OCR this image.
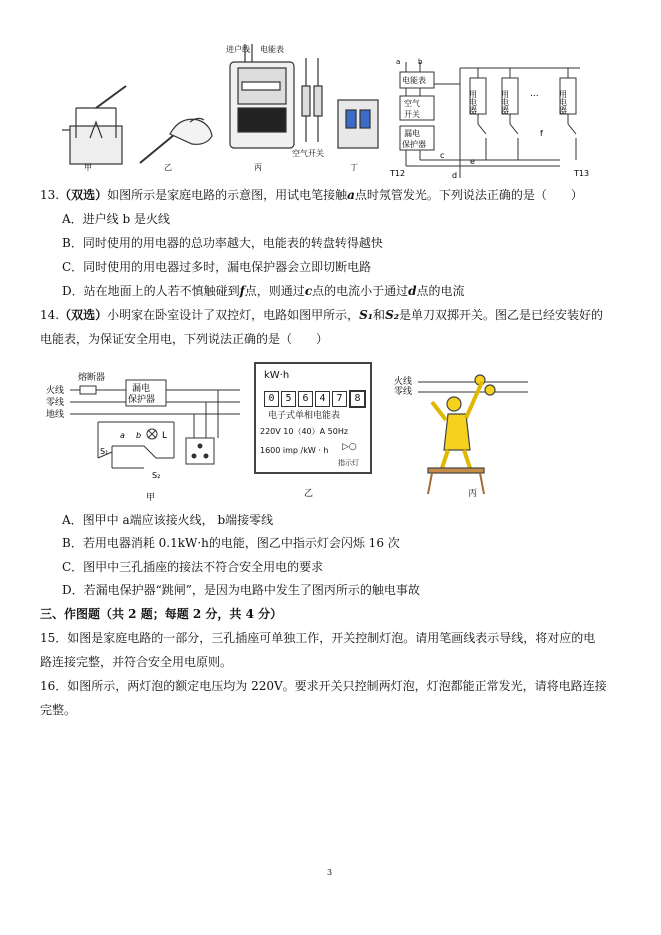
进户线 电能表
空气开关
a	b
电能表
空气
开关
漏电
保护器
用电器	用电器	用电器
...
c
d
e
f
甲	乙	丙	丁
T12	T13
13.（双选）如图所示是家庭电路的示意图，用试电笔接触a点时氖管发光。下列说法正确的是（　　）
A．进户线 b 是火线
B．同时使用的用电器的总功率越大，电能表的转盘转得越快
C．同时使用的用电器过多时，漏电保护器会立即切断电路
D．站在地面上的人若不慎触碰到f点，则通过c点的电流小于通过d点的电流
14.（双选）小明家在卧室设计了双控灯，电路如图甲所示，S₁和S₂是单刀双掷开关。图乙是已经安装好的
电能表，为保证安全用电，下列说法正确的是（　　）
火线
零线
地线
熔断器
漏电
保护器
a b L
S₁
S₂
甲
kW·h
0 5 6 4 7 8
电子式单相电能表
220V 10（40）A 50Hz
1600 imp /kW · h ▷○
指示灯
乙
火线
零线
丙
A．图甲中 a端应该接火线， b端接零线
B．若用电器消耗 0.1kW·h的电能，图乙中指示灯会闪烁 16 次
C．图甲中三孔插座的接法不符合安全用电的要求
D．若漏电保护器“跳闸”，是因为电路中发生了图丙所示的触电事故
三、作图题（共 2 题；每题 2 分，共 4 分）
15．如图是家庭电路的一部分，三孔插座可单独工作，开关控制灯泡。请用笔画线表示导线，将对应的电
路连接完整，并符合安全用电原则。
16．如图所示，两灯泡的额定电压均为 220V。要求开关只控制两灯泡，灯泡都能正常发光，请将电路连接
完整。
3
